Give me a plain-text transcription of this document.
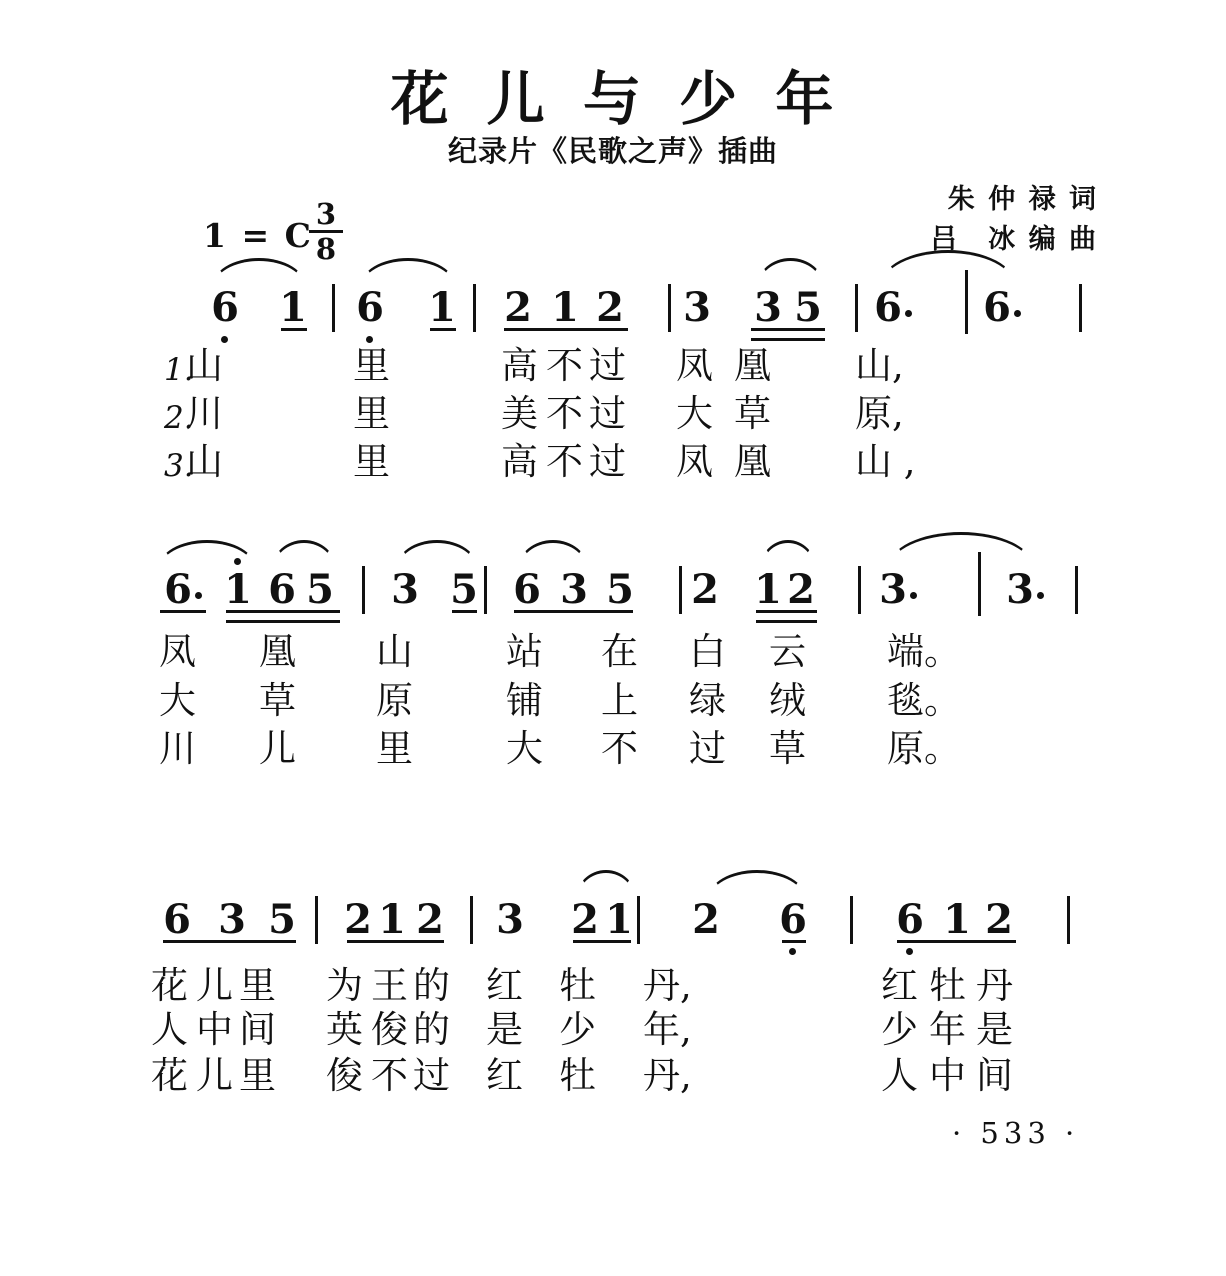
花 儿 与 少 年
纪录片《民歌之声》插曲
朱 仲 禄 词
吕　冰 编 曲
1 = C
3
8
6 1 6 1 2 1 2 3 3 5 6 6
1.
山	里	高 不 过 凤 凰 山,
2.
川	里	美 不 过 大 草 原,
3.
山	里	高 不 过 凤 凰 山 ,
6 1 6 5 3 5 6 3 5 2 1 2 3 3
凤 凰 山	站 在 白 云 端。
大 草 原	铺 上 绿 绒 毯。
川 儿 里	大 不 过 草 原。
6 3 5 2 1 2 3 2 1 2 6 6 1 2
花 儿 里 为 王 的 红 牡 丹,	红 牡 丹
人 中 间 英 俊 的 是 少 年,	少 年 是
花 儿 里 俊 不 过 红 牡 丹,	人 中 间
· 533 ·
